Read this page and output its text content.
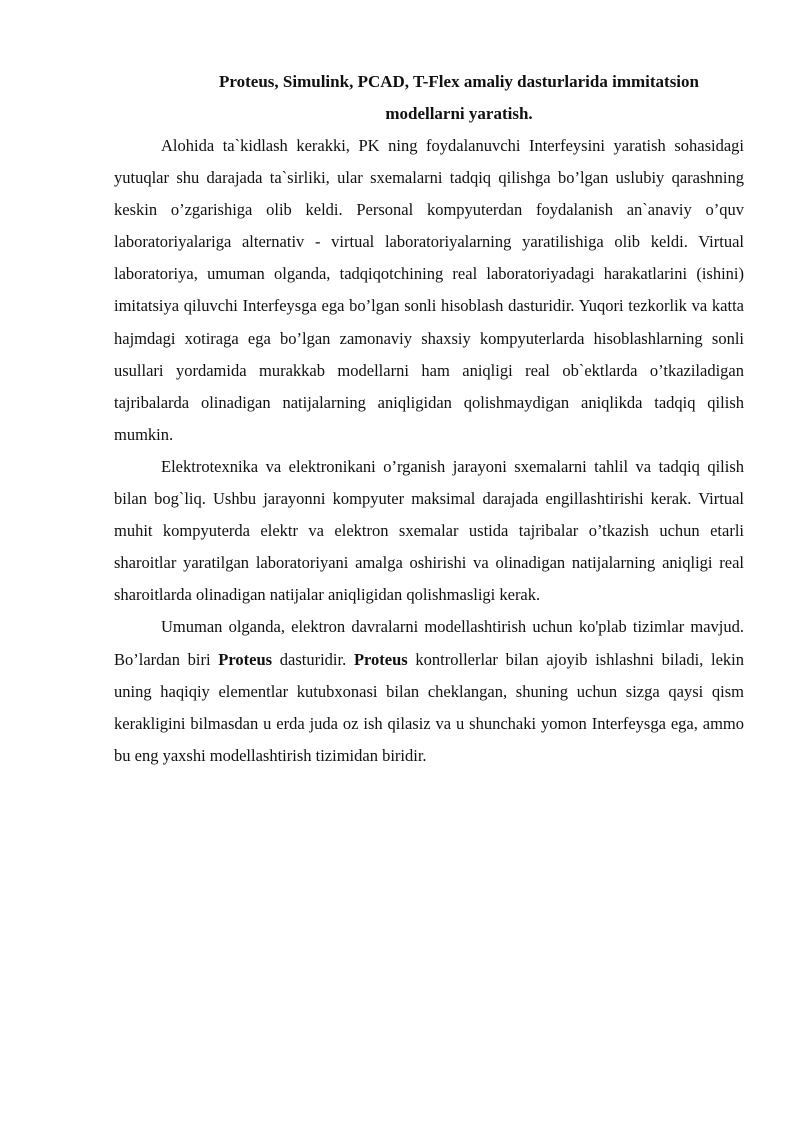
Proteus, Simulink, PCAD, T-Flex amaliy dasturlarida immitatsion
modellarni yaratish.

Alohida ta`kidlash kerakki, PK ning foydalanuvchi Interfeysini yaratish sohasidagi yutuqlar shu darajada ta`sirliki, ular sxemalarni tadqiq qilishga bo’lgan uslubiy qarashning keskin o’zgarishiga olib keldi. Personal kompyuterdan foydalanish an`anaviy o’quv laboratoriyalariga alternativ - virtual laboratoriyalarning yaratilishiga olib keldi. Virtual laboratoriya, umuman olganda, tadqiqotchining real laboratoriyadagi harakatlarini (ishini) imitatsiya qiluvchi Interfeysga ega bo’lgan sonli hisoblash dasturidir. Yuqori tezkorlik va katta hajmdagi xotiraga ega bo’lgan zamonaviy shaxsiy kompyuterlarda hisoblashlarning sonli usullari yordamida murakkab modellarni ham aniqligi real ob`ektlarda o’tkaziladigan tajribalarda olinadigan natijalarning aniqligidan qolishmaydigan aniqlikda tadqiq qilish mumkin.

Elektrotexnika va elektronikani o’rganish jarayoni sxemalarni tahlil va tadqiq qilish bilan bog`liq. Ushbu jarayonni kompyuter maksimal darajada engillashtirishi kerak. Virtual muhit kompyuterda elektr va elektron sxemalar ustida tajribalar o’tkazish uchun etarli sharoitlar yaratilgan laboratoriyani amalga oshirishi va olinadigan natijalarning aniqligi real sharoitlarda olinadigan natijalar aniqligidan qolishmasligi kerak.

Umuman olganda, elektron davralarni modellashtirish uchun ko'plab tizimlar mavjud. Bo’lardan biri Proteus dasturidir. Proteus kontrollerlar bilan ajoyib ishlashni biladi, lekin uning haqiqiy elementlar kutubxonasi bilan cheklangan, shuning uchun sizga qaysi qism kerakligini bilmasdan u erda juda oz ish qilasiz va u shunchaki yomon Interfeysga ega, ammo bu eng yaxshi modellashtirish tizimidan biridir.
